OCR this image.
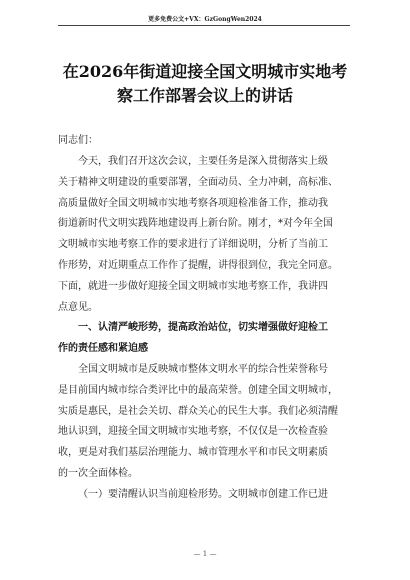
更多免费公文+VX：GzGongWen2024
在2026年街道迎接全国文明城市实地考
察工作部署会议上的讲话
同志们：
今天，我们召开这次会议，主要任务是深入贯彻落实上级
关于精神文明建设的重要部署，全面动员、全力冲刺，高标准、
高质量做好全国文明城市实地考察各项迎检准备工作，推动我
街道新时代文明实践阵地建设再上新台阶。刚才，*对今年全国
文明城市实地考察工作的要求进行了详细说明，分析了当前工
作形势，对近期重点工作作了提醒，讲得很到位，我完全同意。
下面，就进一步做好迎接全国文明城市实地考察工作，我讲四
点意见。
一、认清严峻形势，提高政治站位，切实增强做好迎检工
作的责任感和紧迫感
全国文明城市是反映城市整体文明水平的综合性荣誉称号
是目前国内城市综合类评比中的最高荣誉。创建全国文明城市，
实质是惠民，是社会关切、群众关心的民生大事。我们必须清醒
地认识到，迎接全国文明城市实地考察，不仅仅是一次检查验
收，更是对我们基层治理能力、城市管理水平和市民文明素质
的一次全面体检。
（一）要清醒认识当前迎检形势。文明城市创建工作已进
— 1 —
